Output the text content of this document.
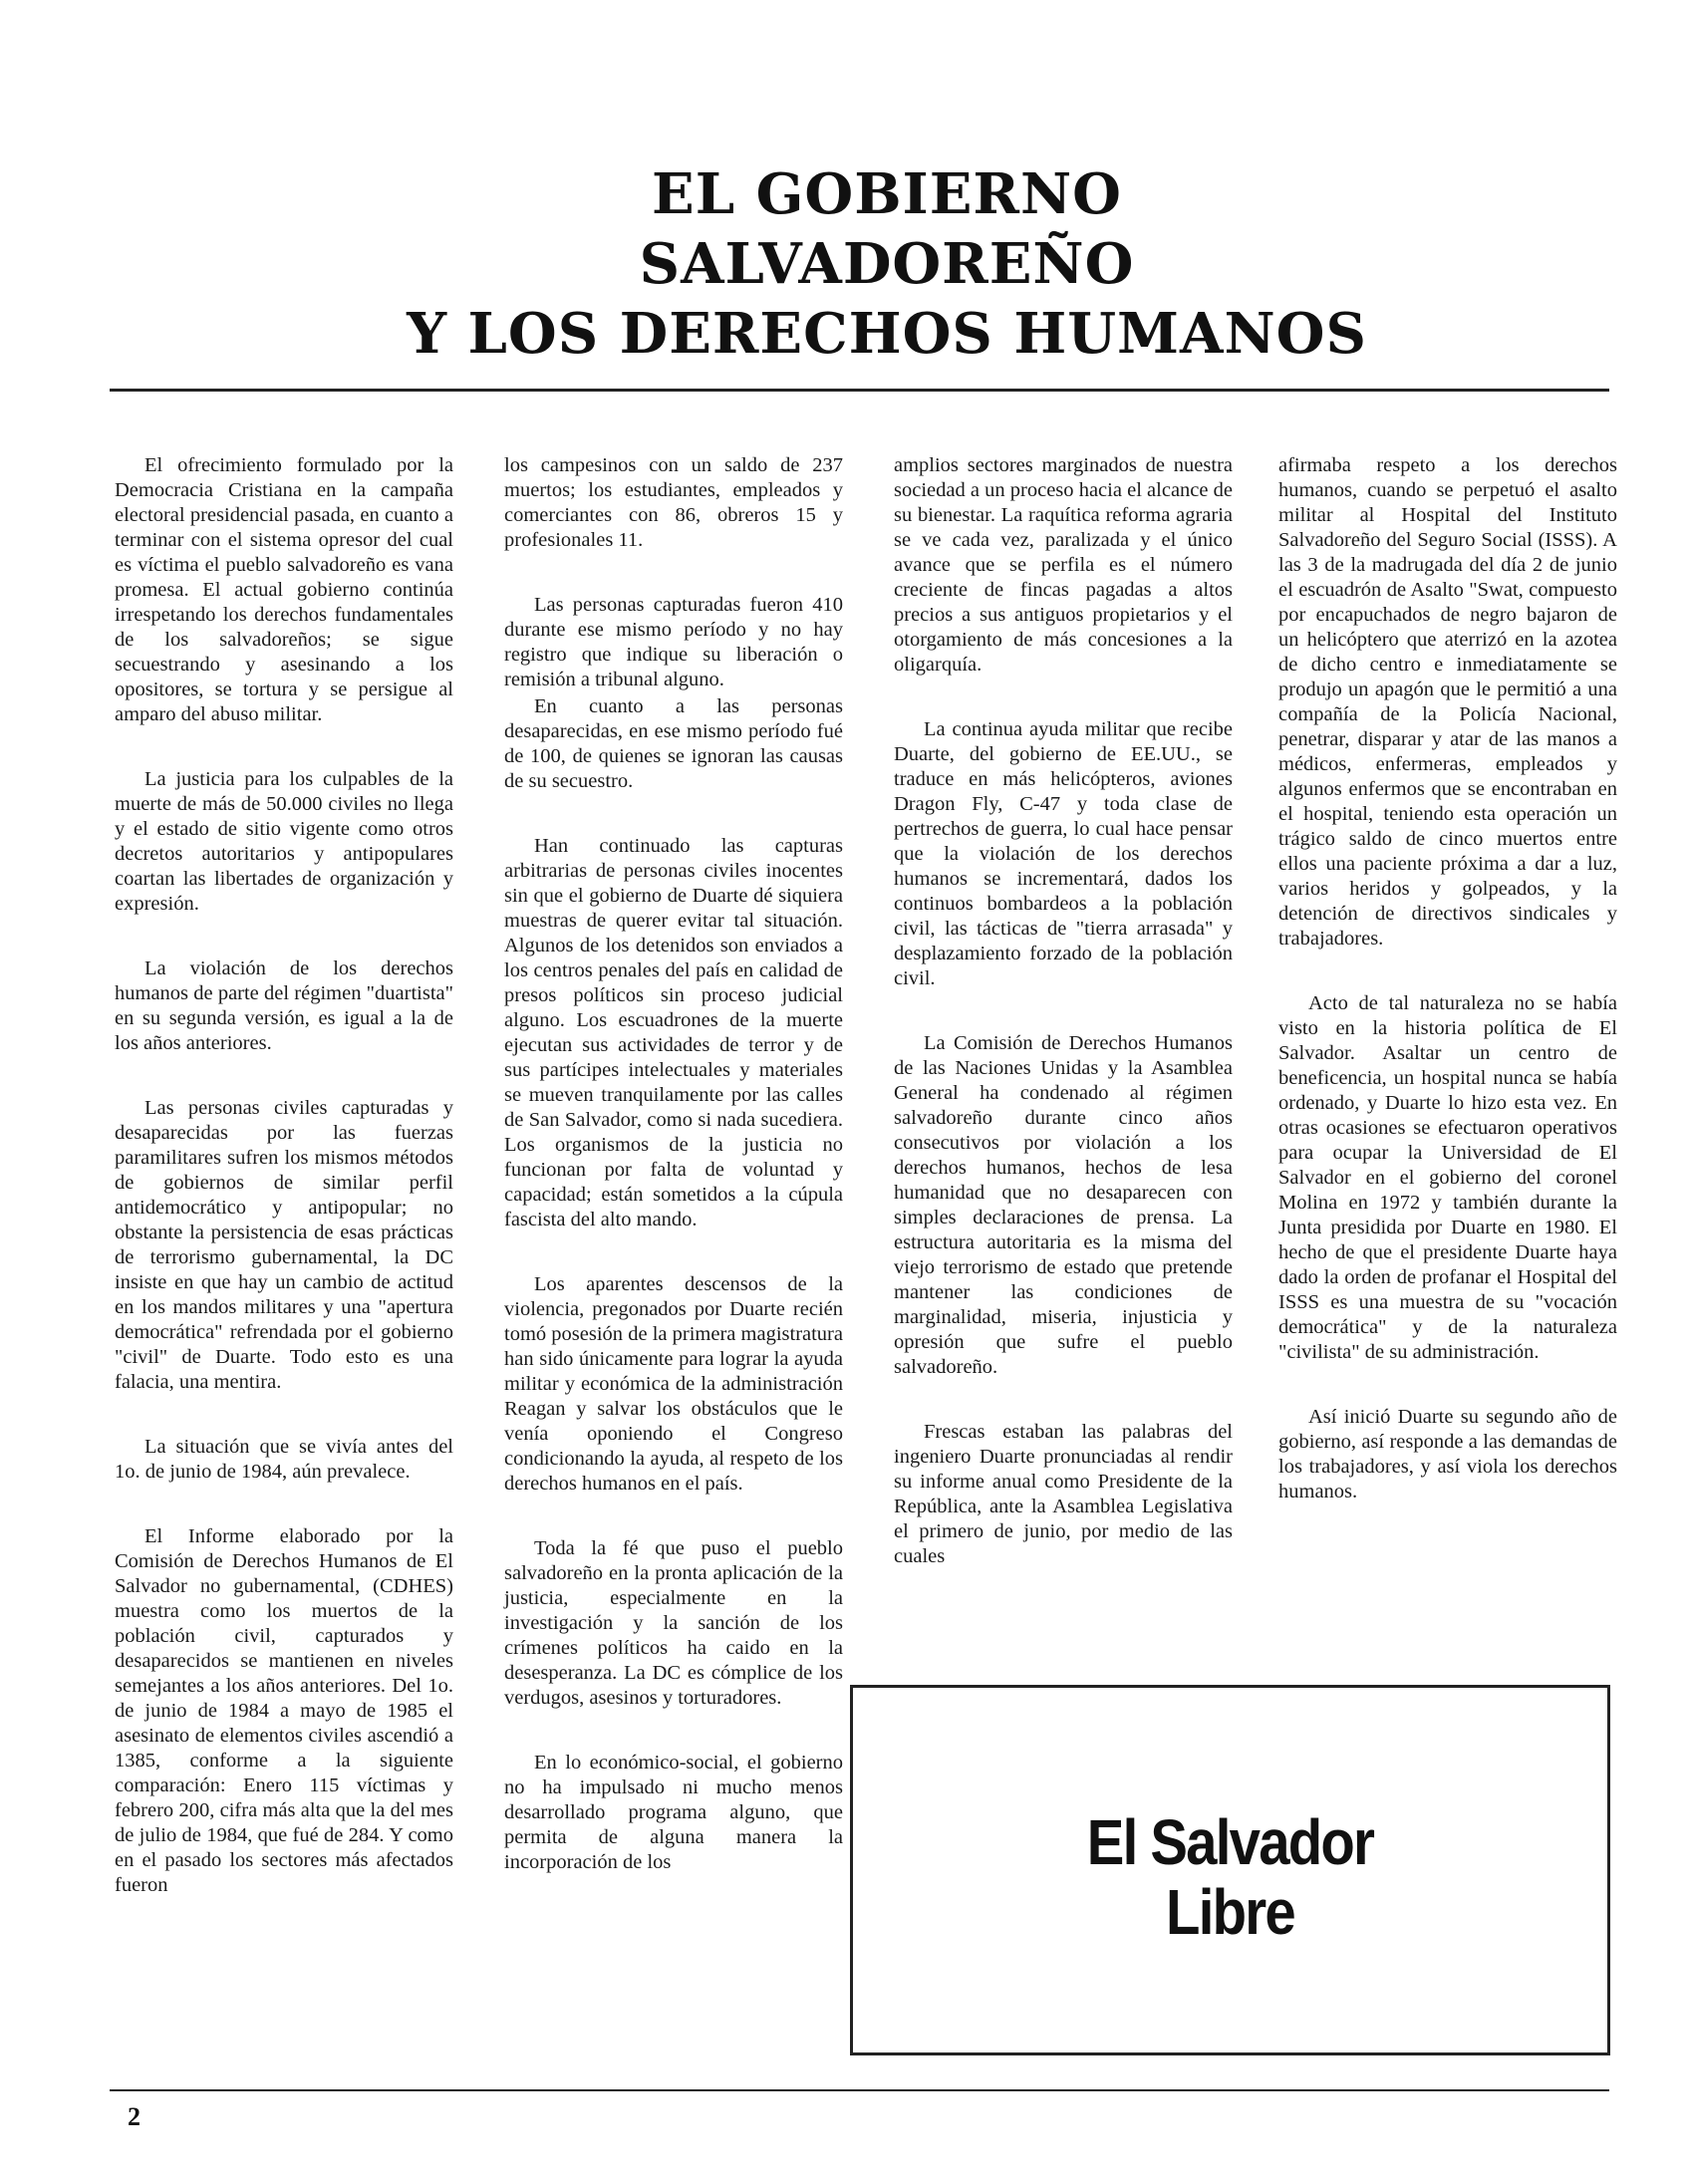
EL GOBIERNO
SALVADOREÑO
Y LOS DERECHOS HUMANOS

El ofrecimiento formulado por la Democracia Cristiana en la campaña electoral presidencial pasada, en cuanto a terminar con el sistema opresor del cual es víctima el pueblo salvadoreño es vana promesa. El actual gobierno continúa irrespetando los derechos fundamentales de los salvadoreños; se sigue secuestrando y asesinando a los opositores, se tortura y se persigue al amparo del abuso militar.

La justicia para los culpables de la muerte de más de 50.000 civiles no llega y el estado de sitio vigente como otros decretos autoritarios y antipopulares coartan las libertades de organización y expresión.

La violación de los derechos humanos de parte del régimen "duartista" en su segunda versión, es igual a la de los años anteriores.

Las personas civiles capturadas y desaparecidas por las fuerzas paramilitares sufren los mismos métodos de gobiernos de similar perfil antidemocrático y antipopular; no obstante la persistencia de esas prácticas de terrorismo gubernamental, la DC insiste en que hay un cambio de actitud en los mandos militares y una "apertura democrática" refrendada por el gobierno "civil" de Duarte. Todo esto es una falacia, una mentira.

La situación que se vivía antes del 1o. de junio de 1984, aún prevalece.

El Informe elaborado por la Comisión de Derechos Humanos de El Salvador no gubernamental, (CDHES) muestra como los muertos de la población civil, capturados y desaparecidos se mantienen en niveles semejantes a los años anteriores. Del 1o. de junio de 1984 a mayo de 1985 el asesinato de elementos civiles ascendió a 1385, conforme a la siguiente comparación: Enero 115 víctimas y febrero 200, cifra más alta que la del mes de julio de 1984, que fué de 284. Y como en el pasado los sectores más afectados fueron

los campesinos con un saldo de 237 muertos; los estudiantes, empleados y comerciantes con 86, obreros 15 y profesionales 11.

Las personas capturadas fueron 410 durante ese mismo período y no hay registro que indique su liberación o remisión a tribunal alguno.

En cuanto a las personas desaparecidas, en ese mismo período fué de 100, de quienes se ignoran las causas de su secuestro.

Han continuado las capturas arbitrarias de personas civiles inocentes sin que el gobierno de Duarte dé siquiera muestras de querer evitar tal situación. Algunos de los detenidos son enviados a los centros penales del país en calidad de presos políticos sin proceso judicial alguno. Los escuadrones de la muerte ejecutan sus actividades de terror y de sus partícipes intelectuales y materiales se mueven tranquilamente por las calles de San Salvador, como si nada sucediera. Los organismos de la justicia no funcionan por falta de voluntad y capacidad; están sometidos a la cúpula fascista del alto mando.

Los aparentes descensos de la violencia, pregonados por Duarte recién tomó posesión de la primera magistratura han sido únicamente para lograr la ayuda militar y económica de la administración Reagan y salvar los obstáculos que le venía oponiendo el Congreso condicionando la ayuda, al respeto de los derechos humanos en el país.

Toda la fé que puso el pueblo salvadoreño en la pronta aplicación de la justicia, especialmente en la investigación y la sanción de los crímenes políticos ha caido en la desesperanza. La DC es cómplice de los verdugos, asesinos y torturadores.

En lo económico-social, el gobierno no ha impulsado ni mucho menos desarrollado programa alguno, que permita de alguna manera la incorporación de los

amplios sectores marginados de nuestra sociedad a un proceso hacia el alcance de su bienestar. La raquítica reforma agraria se ve cada vez, paralizada y el único avance que se perfila es el número creciente de fincas pagadas a altos precios a sus antiguos propietarios y el otorgamiento de más concesiones a la oligarquía.

La continua ayuda militar que recibe Duarte, del gobierno de EE.UU., se traduce en más helicópteros, aviones Dragon Fly, C-47 y toda clase de pertrechos de guerra, lo cual hace pensar que la violación de los derechos humanos se incrementará, dados los continuos bombardeos a la población civil, las tácticas de "tierra arrasada" y desplazamiento forzado de la población civil.

La Comisión de Derechos Humanos de las Naciones Unidas y la Asamblea General ha condenado al régimen salvadoreño durante cinco años consecutivos por violación a los derechos humanos, hechos de lesa humanidad que no desaparecen con simples declaraciones de prensa. La estructura autoritaria es la misma del viejo terrorismo de estado que pretende mantener las condiciones de marginalidad, miseria, injusticia y opresión que sufre el pueblo salvadoreño.

Frescas estaban las palabras del ingeniero Duarte pronunciadas al rendir su informe anual como Presidente de la República, ante la Asamblea Legislativa el primero de junio, por medio de las cuales

afirmaba respeto a los derechos humanos, cuando se perpetuó el asalto militar al Hospital del Instituto Salvadoreño del Seguro Social (ISSS). A las 3 de la madrugada del día 2 de junio el escuadrón de Asalto "Swat, compuesto por encapuchados de negro bajaron de un helicóptero que aterrizó en la azotea de dicho centro e inmediatamente se produjo un apagón que le permitió a una compañía de la Policía Nacional, penetrar, disparar y atar de las manos a médicos, enfermeras, empleados y algunos enfermos que se encontraban en el hospital, teniendo esta operación un trágico saldo de cinco muertos entre ellos una paciente próxima a dar a luz, varios heridos y golpeados, y la detención de directivos sindicales y trabajadores.

Acto de tal naturaleza no se había visto en la historia política de El Salvador. Asaltar un centro de beneficencia, un hospital nunca se había ordenado, y Duarte lo hizo esta vez. En otras ocasiones se efectuaron operativos para ocupar la Universidad de El Salvador en el gobierno del coronel Molina en 1972 y también durante la Junta presidida por Duarte en 1980. El hecho de que el presidente Duarte haya dado la orden de profanar el Hospital del ISSS es una muestra de su "vocación democrática" y de la naturaleza "civilista" de su administración.

Así inició Duarte su segundo año de gobierno, así responde a las demandas de los trabajadores, y así viola los derechos humanos.

El Salvador
Libre
2
